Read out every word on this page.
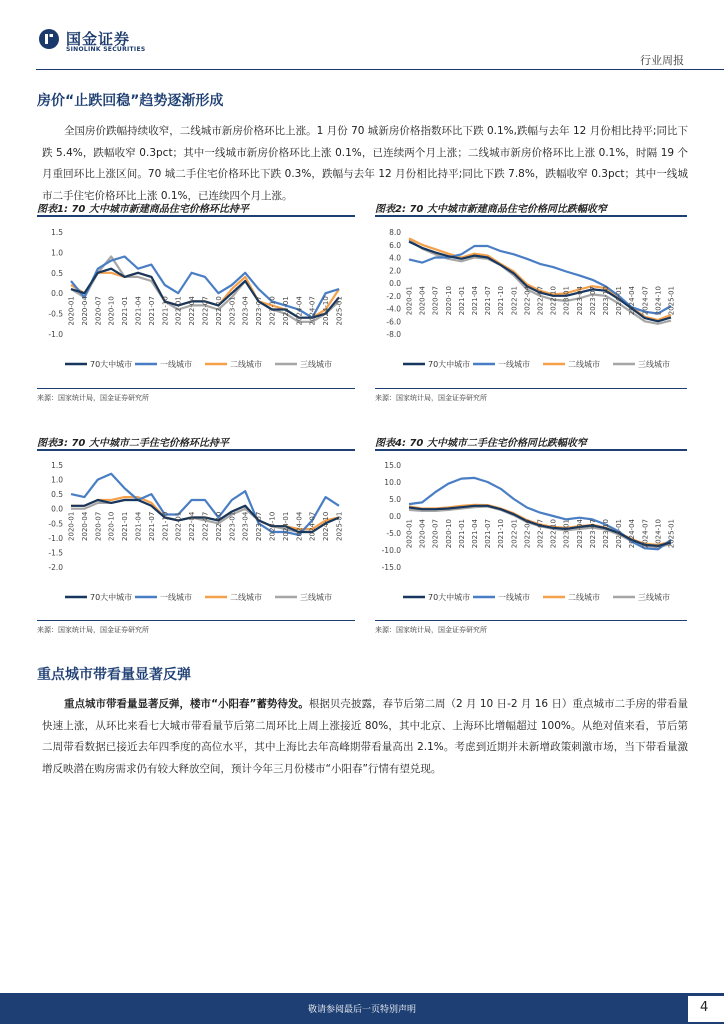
国金证券
SINOLINK SECURITIES
行业周报
房价“止跌回稳”趋势逐渐形成
全国房价跌幅持续收窄，二线城市新房价格环比上涨。1 月份 70 城新房价格指数环比下跌 0.1%,跌幅与去年 12 月份相比持平;同比下跌 5.4%，跌幅收窄 0.3pct；其中一线城市新房价格环比上涨 0.1%，已连续两个月上涨；二线城市新房价格环比上涨 0.1%，时隔 19 个月重回环比上涨区间。70 城二手住宅价格环比下跌 0.3%，跌幅与去年 12 月份相比持平;同比下跌 7.8%，跌幅收窄 0.3pct；其中一线城市二手住宅价格环比上涨 0.1%，已连续四个月上涨。
图表1: 70 大中城市新建商品住宅价格环比持平	图表2: 70 大中城市新建商品住宅价格同比跌幅收窄
1.5
1.0
0.5
0.0
-0.5
-1.0
2020-01 2020-04 2020-07 2020-10 2021-01 2021-04 2021-07 2021-10 2022-01 2022-04 2022-07 2022-10 2023-01 2023-04 2023-07 2023-10 2024-01 2024-04 2024-07 2024-10 2025-01
70大中城市	一线城市	二线城市	三线城市
8.0
6.0
4.0
2.0
0.0
-2.0
-4.0
-6.0
-8.0
2020-01 2020-04 2020-07 2020-10 2021-01 2021-04 2021-07 2021-10 2022-01 2022-04 2022-07 2022-10 2023-01 2023-04 2023-07 2023-10 2024-01 2024-04 2024-07 2024-10 2025-01
70大中城市	一线城市	二线城市	三线城市
来源：国家统计局，国金证券研究所	来源：国家统计局，国金证券研究所
图表3: 70 大中城市二手住宅价格环比持平	图表4: 70 大中城市二手住宅价格同比跌幅收窄
1.5
1.0
0.5
0.0
-0.5
-1.0
-1.5
-2.0
2020-01 2020-04 2020-07 2020-10 2021-01 2021-04 2021-07 2021-10 2022-01 2022-04 2022-07 2022-10 2023-01 2023-04 2023-07 2023-10 2024-01 2024-04 2024-07 2024-10 2025-01
70大中城市	一线城市	二线城市	三线城市
15.0
10.0
5.0
0.0
-5.0
-10.0
-15.0
2020-01 2020-04 2020-07 2020-10 2021-01 2021-04 2021-07 2021-10 2022-01 2022-04 2022-07 2022-10 2023-01 2023-04 2023-07 2023-10 2024-01 2024-04 2024-07 2024-10 2025-01
70大中城市	一线城市	二线城市	三线城市
来源：国家统计局，国金证券研究所	来源：国家统计局，国金证券研究所
重点城市带看量显著反弹
重点城市带看量显著反弹，楼市“小阳春”蓄势待发。根据贝壳披露，春节后第二周（2 月 10 日-2 月 16 日）重点城市二手房的带看量快速上涨，从环比来看七大城市带看量节后第二周环比上周上涨接近 80%，其中北京、上海环比增幅超过 100%。从绝对值来看，节后第二周带看数据已接近去年四季度的高位水平，其中上海比去年高峰期带看量高出 2.1%。考虑到近期并未新增政策刺激市场，当下带看量激增反映潜在购房需求仍有较大释放空间，预计今年三月份楼市“小阳春”行情有望兑现。
敬请参阅最后一页特别声明	4
